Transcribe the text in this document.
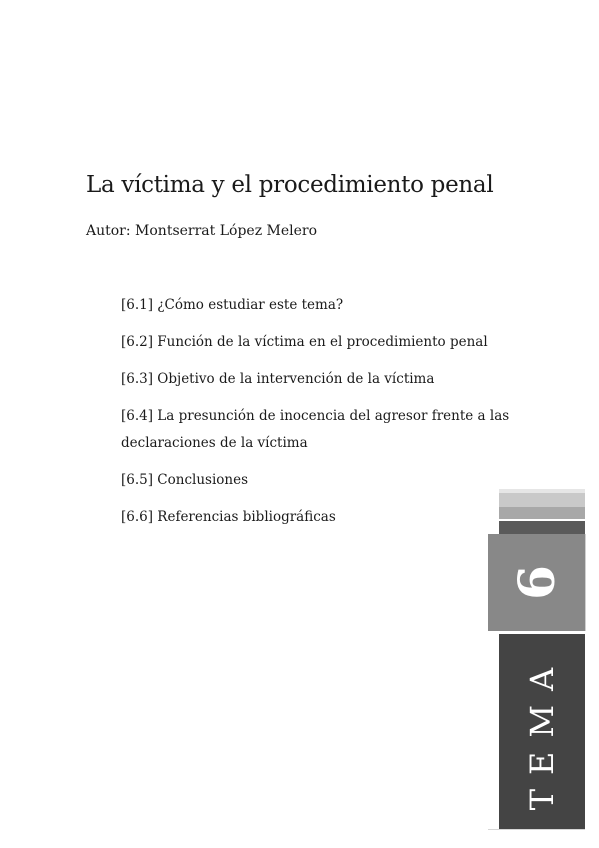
La víctima y el procedimiento penal
Autor: Montserrat López Melero
[6.1] ¿Cómo estudiar este tema?
[6.2] Función de la víctima en el procedimiento penal
[6.3] Objetivo de la intervención de la víctima
[6.4] La presunción de inocencia del agresor frente a las declaraciones de la víctima
[6.5] Conclusiones
[6.6] Referencias bibliográficas
6
TEMA
